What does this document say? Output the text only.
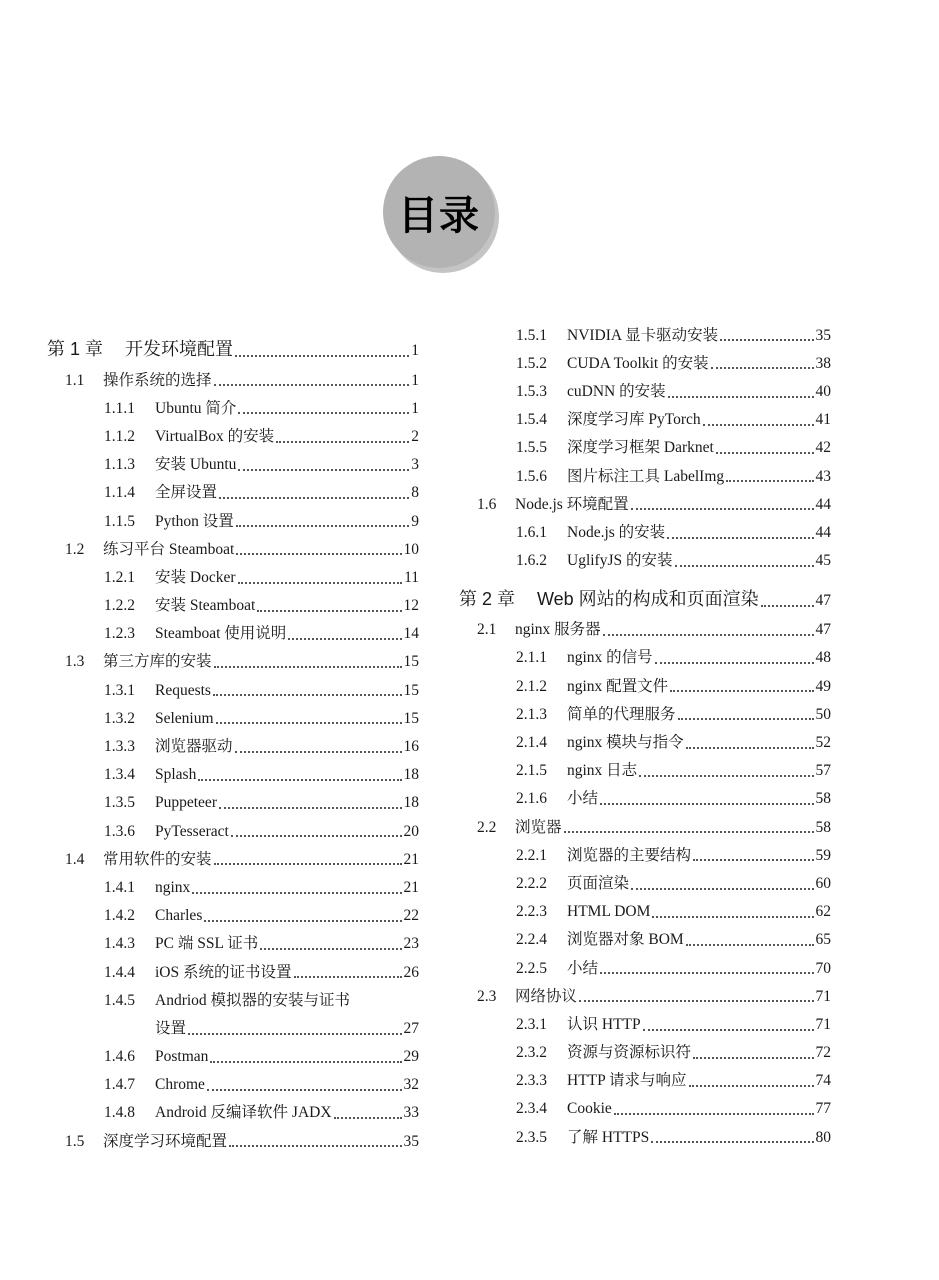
目录
第 1 章	开发环境配置	1
1.1	操作系统的选择	1
1.1.1	Ubuntu 简介	1
1.1.2	VirtualBox 的安装	2
1.1.3	安装 Ubuntu	3
1.1.4	全屏设置	8
1.1.5	Python 设置	9
1.2	练习平台 Steamboat	10
1.2.1	安装 Docker	11
1.2.2	安装 Steamboat	12
1.2.3	Steamboat 使用说明	14
1.3	第三方库的安装	15
1.3.1	Requests	15
1.3.2	Selenium	15
1.3.3	浏览器驱动	16
1.3.4	Splash	18
1.3.5	Puppeteer	18
1.3.6	PyTesseract	20
1.4	常用软件的安装	21
1.4.1	nginx	21
1.4.2	Charles	22
1.4.3	PC 端 SSL 证书	23
1.4.4	iOS 系统的证书设置	26
1.4.5	Andriod 模拟器的安装与证书
设置	27
1.4.6	Postman	29
1.4.7	Chrome	32
1.4.8	Android 反编译软件 JADX	33
1.5	深度学习环境配置	35
1.5.1	NVIDIA 显卡驱动安装	35
1.5.2	CUDA Toolkit 的安装	38
1.5.3	cuDNN 的安装	40
1.5.4	深度学习库 PyTorch	41
1.5.5	深度学习框架 Darknet	42
1.5.6	图片标注工具 LabelImg	43
1.6	Node.js 环境配置	44
1.6.1	Node.js 的安装	44
1.6.2	UglifyJS 的安装	45
第 2 章	Web 网站的构成和页面渲染	47
2.1	nginx 服务器	47
2.1.1	nginx 的信号	48
2.1.2	nginx 配置文件	49
2.1.3	简单的代理服务	50
2.1.4	nginx 模块与指令	52
2.1.5	nginx 日志	57
2.1.6	小结	58
2.2	浏览器	58
2.2.1	浏览器的主要结构	59
2.2.2	页面渲染	60
2.2.3	HTML DOM	62
2.2.4	浏览器对象 BOM	65
2.2.5	小结	70
2.3	网络协议	71
2.3.1	认识 HTTP	71
2.3.2	资源与资源标识符	72
2.3.3	HTTP 请求与响应	74
2.3.4	Cookie	77
2.3.5	了解 HTTPS	80
